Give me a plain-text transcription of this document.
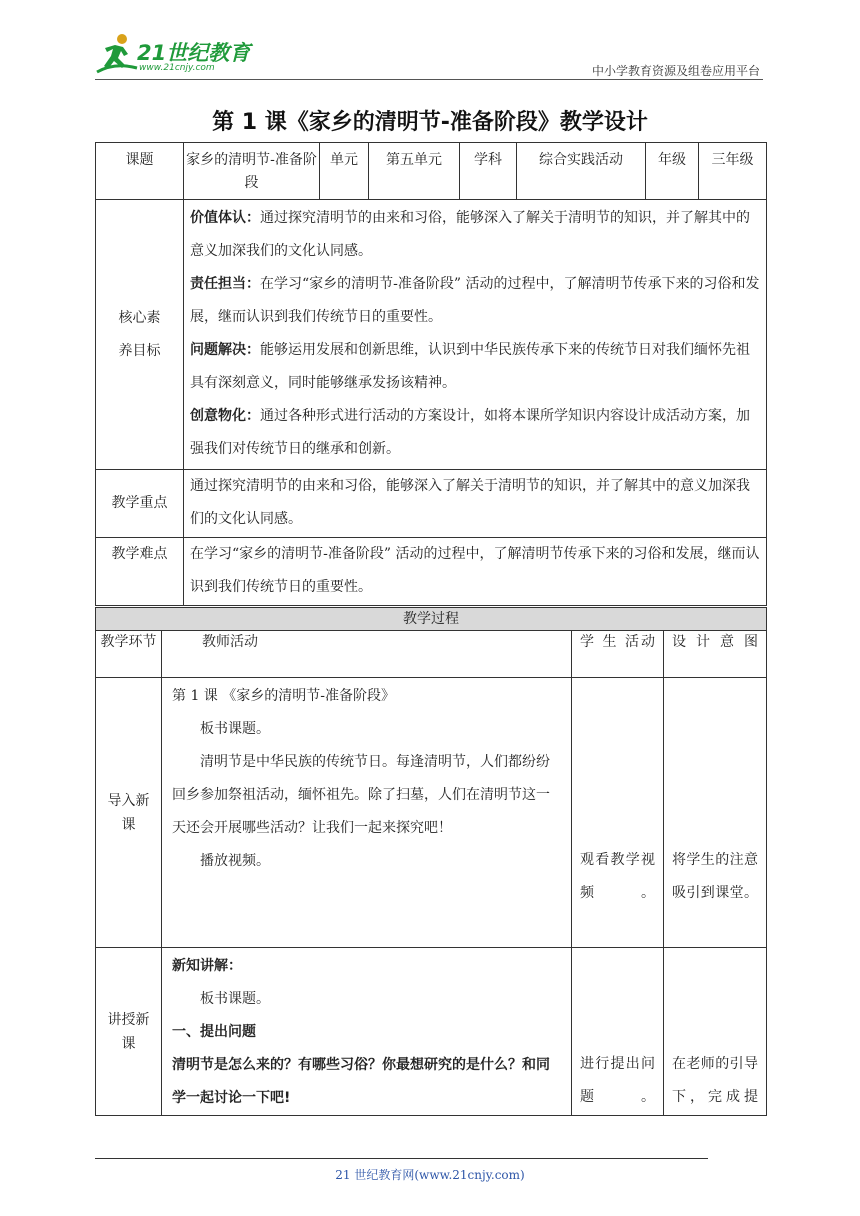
21世纪教育
www.21cnjy.com	中小学教育资源及组卷应用平台
第 1 课《家乡的清明节-准备阶段》教学设计
课题	家乡的清明节-准备阶段	单元	第五单元	学科	综合实践活动	年级	三年级
核心素养目标	价值体认：通过探究清明节的由来和习俗，能够深入了解关于清明节的知识，并了解其中的意义加深我们的文化认同感。

责任担当：在学习“家乡的清明节-准备阶段” 活动的过程中，了解清明节传承下来的习俗和发展，继而认识到我们传统节日的重要性。

问题解决：能够运用发展和创新思维，认识到中华民族传承下来的传统节日对我们缅怀先祖具有深刻意义，同时能够继承发扬该精神。

创意物化：通过各种形式进行活动的方案设计，如将本课所学知识内容设计成活动方案，加强我们对传统节日的继承和创新。						

教学重点	通过探究清明节的由来和习俗，能够深入了解关于清明节的知识，并了解其中的意义加深我们的文化认同感。						
教学难点	在学习“家乡的清明节-准备阶段” 活动的过程中，了解清明节传承下来的习俗和发展，继而认识到我们传统节日的重要性。						
教学过程			
教学环节	教师活动	学 生 活动	设 计 意 图
导入新课	第 1 课 《家乡的清明节-准备阶段》

板书课题。

清明节是中华民族的传统节日。每逢清明节，人们都纷纷回乡参加祭祖活动，缅怀祖先。除了扫墓，人们在清明节这一天还会开展哪些活动？让我们一起来探究吧！

播放视频。	观看教学视频。	将学生的注意吸引到课堂。
讲授新课	新知讲解：

板书课题。

一、提出问题

清明节是怎么来的？有哪些习俗？你最想研究的是什么？和同学一起讨论一下吧!	进行提出问题。	在老师的引导下，完成提
21 世纪教育网(www.21cnjy.com)
